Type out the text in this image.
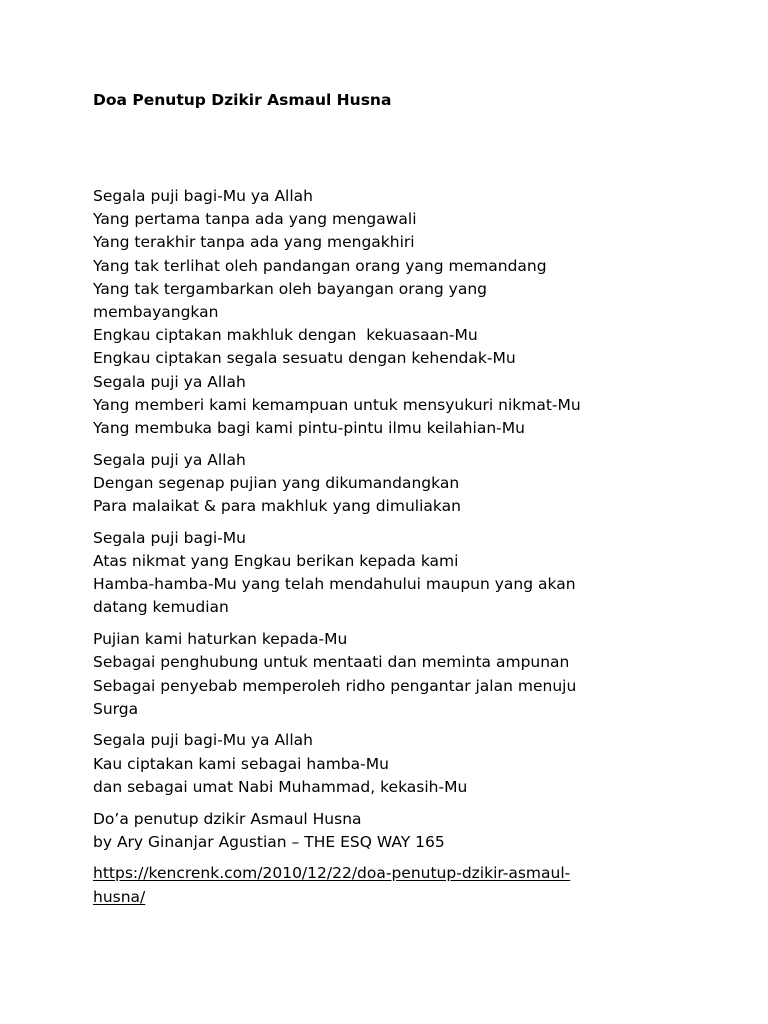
Doa Penutup Dzikir Asmaul Husna
Segala puji bagi-Mu ya Allah
Yang pertama tanpa ada yang mengawali
Yang terakhir tanpa ada yang mengakhiri
Yang tak terlihat oleh pandangan orang yang memandang
Yang tak tergambarkan oleh bayangan orang yang
membayangkan
Engkau ciptakan makhluk dengan  kekuasaan-Mu
Engkau ciptakan segala sesuatu dengan kehendak-Mu
Segala puji ya Allah
Yang memberi kami kemampuan untuk mensyukuri nikmat-Mu
Yang membuka bagi kami pintu-pintu ilmu keilahian-Mu
Segala puji ya Allah
Dengan segenap pujian yang dikumandangkan
Para malaikat & para makhluk yang dimuliakan
Segala puji bagi-Mu
Atas nikmat yang Engkau berikan kepada kami
Hamba-hamba-Mu yang telah mendahului maupun yang akan
datang kemudian
Pujian kami haturkan kepada-Mu
Sebagai penghubung untuk mentaati dan meminta ampunan
Sebagai penyebab memperoleh ridho pengantar jalan menuju
Surga
Segala puji bagi-Mu ya Allah
Kau ciptakan kami sebagai hamba-Mu
dan sebagai umat Nabi Muhammad, kekasih-Mu
Do’a penutup dzikir Asmaul Husna
by Ary Ginanjar Agustian – THE ESQ WAY 165
https://kencrenk.com/2010/12/22/doa-penutup-dzikir-asmaul-
husna/
